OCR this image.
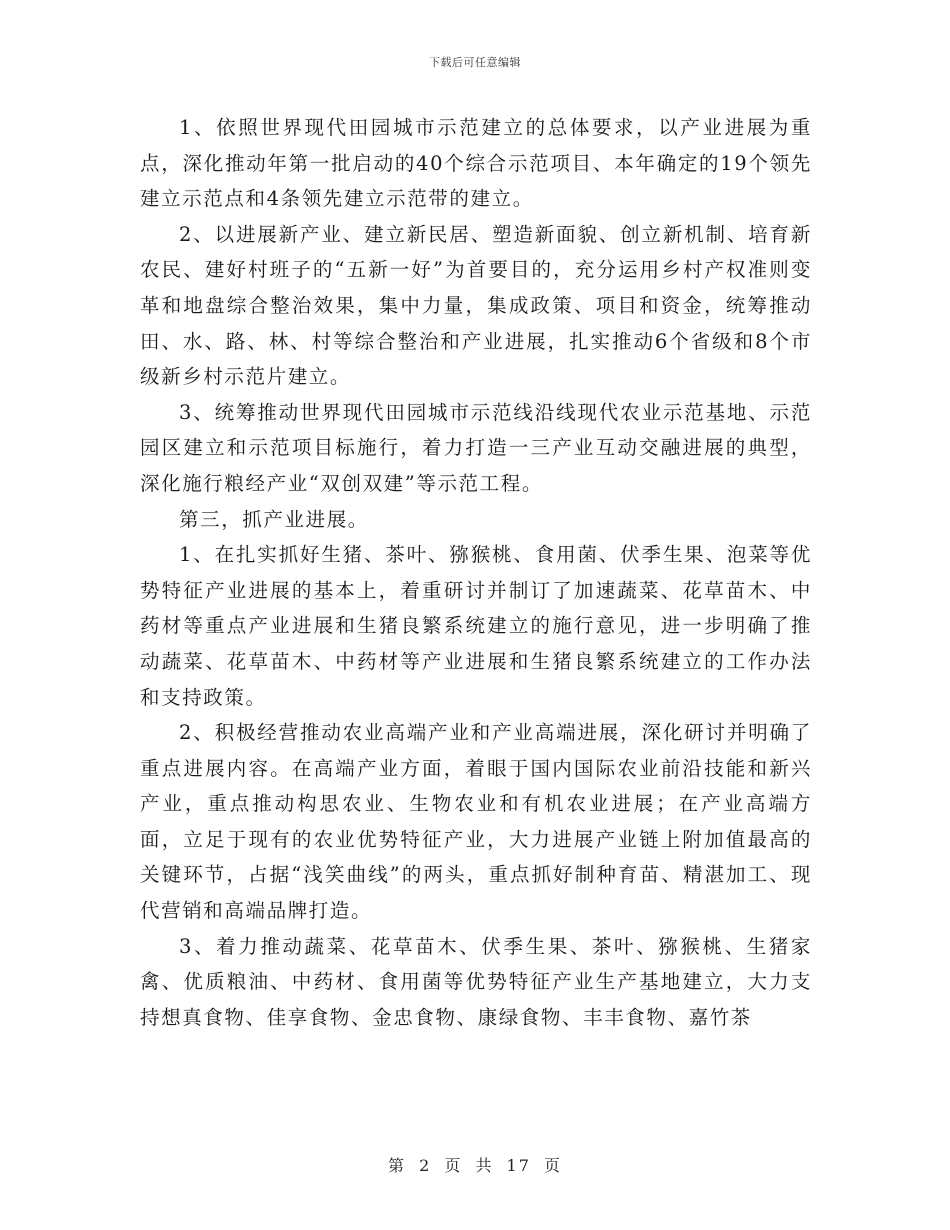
下载后可任意编辑

1、依照世界现代田园城市示范建立的总体要求，以产业进展为重点，深化推动年第一批启动的40个综合示范项目、本年确定的19个领先建立示范点和4条领先建立示范带的建立。

2、以进展新产业、建立新民居、塑造新面貌、创立新机制、培育新农民、建好村班子的“五新一好”为首要目的，充分运用乡村产权准则变革和地盘综合整治效果，集中力量，集成政策、项目和资金，统筹推动田、水、路、林、村等综合整治和产业进展，扎实推动6个省级和8个市级新乡村示范片建立。

3、统筹推动世界现代田园城市示范线沿线现代农业示范基地、示范园区建立和示范项目标施行，着力打造一三产业互动交融进展的典型，深化施行粮经产业“双创双建”等示范工程。

第三，抓产业进展。

1、在扎实抓好生猪、茶叶、猕猴桃、食用菌、伏季生果、泡菜等优势特征产业进展的基本上，着重研讨并制订了加速蔬菜、花草苗木、中药材等重点产业进展和生猪良繁系统建立的施行意见，进一步明确了推动蔬菜、花草苗木、中药材等产业进展和生猪良繁系统建立的工作办法和支持政策。

2、积极经营推动农业高端产业和产业高端进展，深化研讨并明确了重点进展内容。在高端产业方面，着眼于国内国际农业前沿技能和新兴产业，重点推动构思农业、生物农业和有机农业进展；在产业高端方面，立足于现有的农业优势特征产业，大力进展产业链上附加值最高的关键环节，占据“浅笑曲线”的两头，重点抓好制种育苗、精湛加工、现代营销和高端品牌打造。

3、着力推动蔬菜、花草苗木、伏季生果、茶叶、猕猴桃、生猪家禽、优质粮油、中药材、食用菌等优势特征产业生产基地建立，大力支持想真食物、佳享食物、金忠食物、康绿食物、丰丰食物、嘉竹茶

第 2 页 共 17 页
